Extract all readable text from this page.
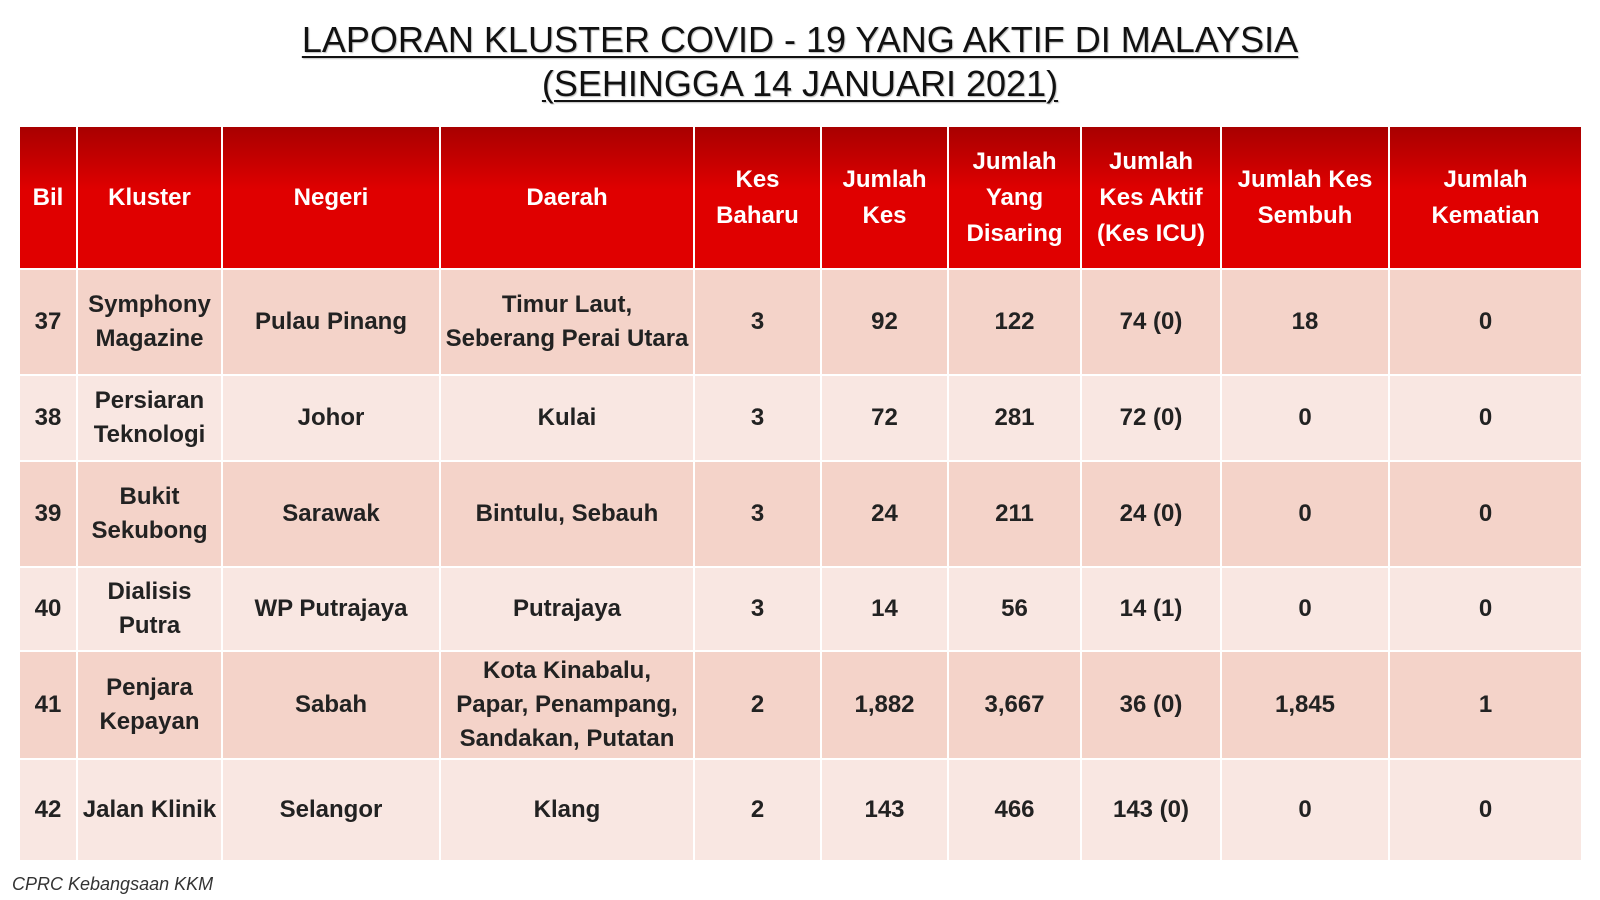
LAPORAN KLUSTER COVID - 19 YANG AKTIF DI MALAYSIA
(SEHINGGA 14 JANUARI 2021)
Bil	Kluster	Negeri	Daerah	Kes Baharu	Jumlah Kes	Jumlah Yang Disaring	Jumlah Kes Aktif (Kes ICU)	Jumlah Kes Sembuh	Jumlah Kematian
37	Symphony Magazine	Pulau Pinang	Timur Laut, Seberang Perai Utara	3	92	122	74 (0)	18	0
38	Persiaran Teknologi	Johor	Kulai	3	72	281	72 (0)	0	0
39	Bukit Sekubong	Sarawak	Bintulu, Sebauh	3	24	211	24 (0)	0	0
40	Dialisis Putra	WP Putrajaya	Putrajaya	3	14	56	14 (1)	0	0
41	Penjara Kepayan	Sabah	Kota Kinabalu, Papar, Penampang, Sandakan, Putatan	2	1,882	3,667	36 (0)	1,845	1
42	Jalan Klinik	Selangor	Klang	2	143	466	143 (0)	0	0
CPRC Kebangsaan KKM
